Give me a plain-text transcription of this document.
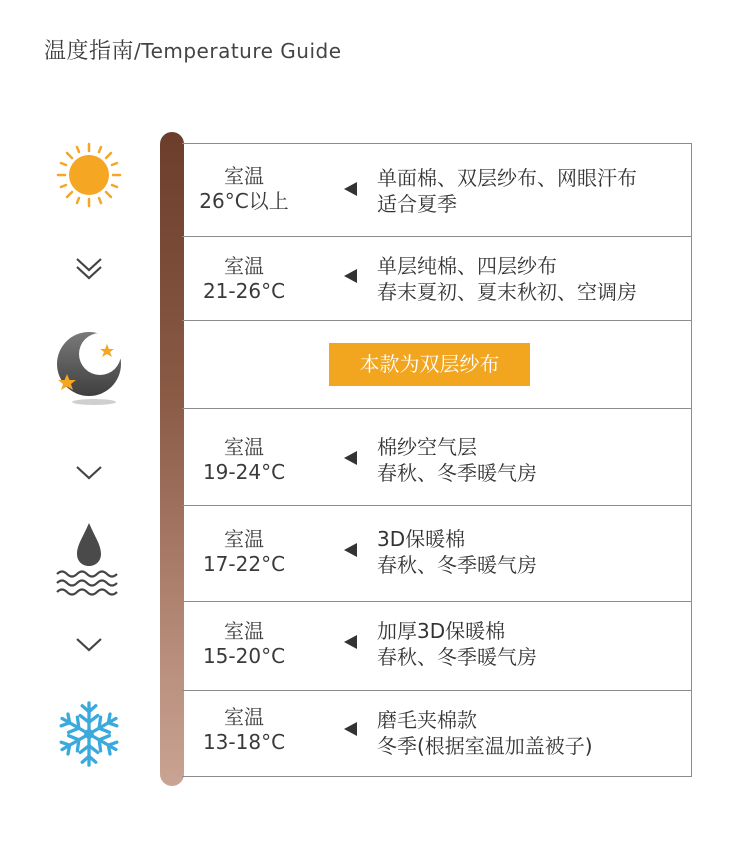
温度指南/Temperature Guide
室温
26°C以上
单面棉、双层纱布、网眼汗布
适合夏季
室温
21-26°C
单层纯棉、四层纱布
春末夏初、夏末秋初、空调房
本款为双层纱布
室温
19-24°C
棉纱空气层
春秋、冬季暖气房
室温
17-22°C
3D保暖棉
春秋、冬季暖气房
室温
15-20°C
加厚3D保暖棉
春秋、冬季暖气房
室温
13-18°C
磨毛夹棉款
冬季(根据室温加盖被子)
